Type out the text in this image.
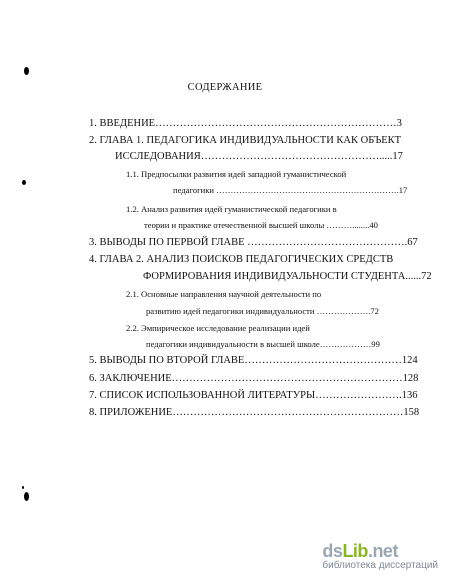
СОДЕРЖАНИЕ
1. ВВЕДЕНИЕ……………………………………………………………3
2. ГЛАВА 1. ПЕДАГОГИКА ИНДИВИДУАЛЬНОСТИ КАК ОБЪЕКТ
ИССЛЕДОВАНИЯ…………………………………………….....17
1.1. Предпосылки развития идей западной гуманистической
педагогики ……………………………………………………….17
1.2. Анализ развития идей гуманистической педагогики в
теории и практике отечественной высшей школы ………........40
3. ВЫВОДЫ ПО ПЕРВОЙ ГЛАВЕ ……………………………………….67
4. ГЛАВА 2. АНАЛИЗ ПОИСКОВ ПЕДАГОГИЧЕСКИХ СРЕДСТВ
ФОРМИРОВАНИЯ ИНДИВИДУАЛЬНОСТИ СТУДЕНТА......72
2.1. Основные направления научной деятельности по
развитию идей педагогики индивидуальности ……………….72
2.2. Эмпирическое исследование реализации идей
педагогики индивидуальности в высшей школе………………99
5. ВЫВОДЫ ПО ВТОРОЙ ГЛАВЕ………………………………………124
6. ЗАКЛЮЧЕНИЕ…………………………………………………………128
7. СПИСОК ИСПОЛЬЗОВАННОЙ ЛИТЕРАТУРЫ…………………….136
8. ПРИЛОЖЕНИЕ…………………………………………………………158
dsLib.net
библиотека диссертаций
